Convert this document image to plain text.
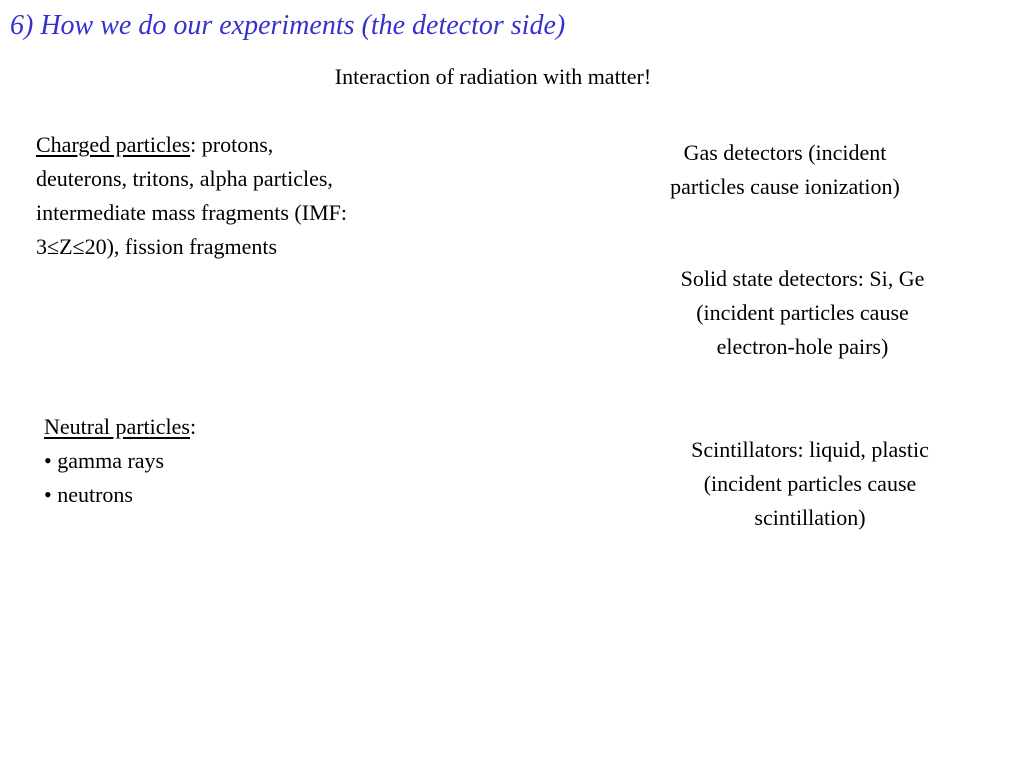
6) How we do our experiments (the detector side)
Interaction of radiation with matter!
Charged particles: protons,
deuterons, tritons, alpha particles,
intermediate mass fragments (IMF:
3≤Z≤20), fission fragments
Neutral particles:
• gamma rays
• neutrons
Gas detectors (incident
particles cause ionization)
Solid state detectors: Si, Ge
(incident particles cause
electron-hole pairs)
Scintillators: liquid, plastic
(incident particles cause
scintillation)
